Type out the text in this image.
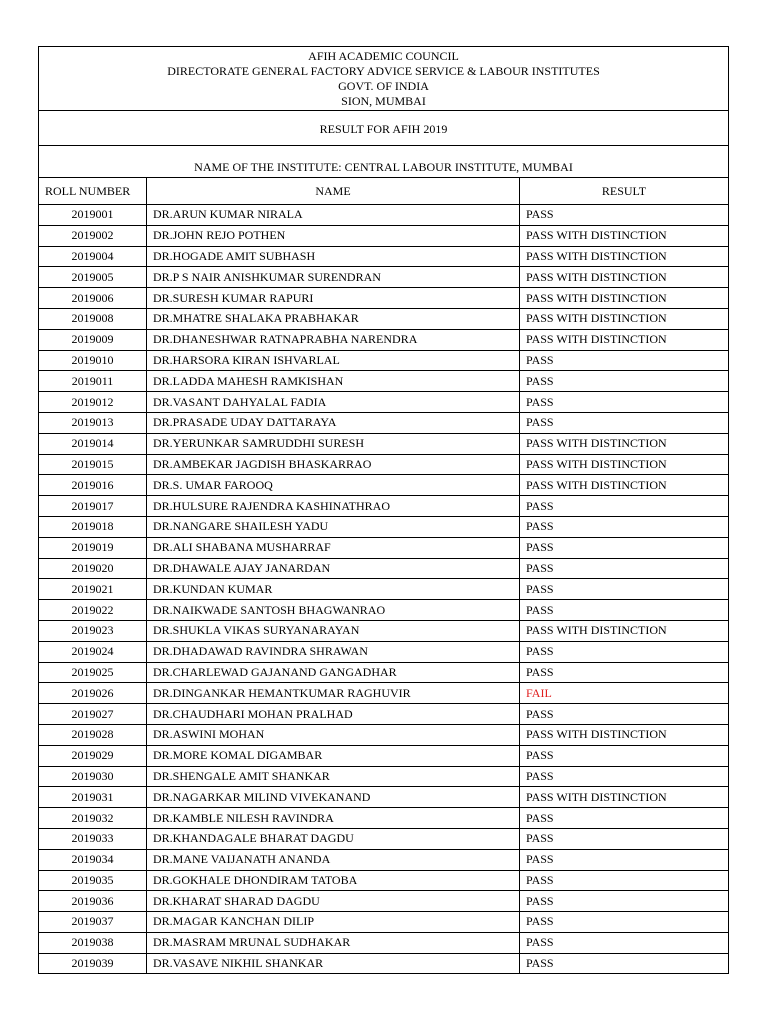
AFIH ACADEMIC COUNCIL
DIRECTORATE GENERAL FACTORY ADVICE SERVICE & LABOUR INSTITUTES
GOVT. OF INDIA
SION, MUMBAI		

RESULT FOR AFIH 2019		
NAME OF THE INSTITUTE: CENTRAL LABOUR INSTITUTE, MUMBAI		
ROLL NUMBER	NAME	RESULT
2019001	DR.ARUN KUMAR NIRALA	PASS
2019002	DR.JOHN REJO POTHEN	PASS WITH DISTINCTION
2019004	DR.HOGADE AMIT SUBHASH	PASS WITH DISTINCTION
2019005	DR.P S NAIR ANISHKUMAR SURENDRAN	PASS WITH DISTINCTION
2019006	DR.SURESH KUMAR RAPURI	PASS WITH DISTINCTION
2019008	DR.MHATRE SHALAKA PRABHAKAR	PASS WITH DISTINCTION
2019009	DR.DHANESHWAR RATNAPRABHA NARENDRA	PASS WITH DISTINCTION
2019010	DR.HARSORA KIRAN ISHVARLAL	PASS
2019011	DR.LADDA MAHESH RAMKISHAN	PASS
2019012	DR.VASANT DAHYALAL FADIA	PASS
2019013	DR.PRASADE UDAY DATTARAYA	PASS
2019014	DR.YERUNKAR SAMRUDDHI SURESH	PASS WITH DISTINCTION
2019015	DR.AMBEKAR JAGDISH BHASKARRAO	PASS WITH DISTINCTION
2019016	DR.S. UMAR FAROOQ	PASS WITH DISTINCTION
2019017	DR.HULSURE RAJENDRA KASHINATHRAO	PASS
2019018	DR.NANGARE SHAILESH YADU	PASS
2019019	DR.ALI SHABANA MUSHARRAF	PASS
2019020	DR.DHAWALE AJAY JANARDAN	PASS
2019021	DR.KUNDAN KUMAR	PASS
2019022	DR.NAIKWADE SANTOSH BHAGWANRAO	PASS
2019023	DR.SHUKLA VIKAS SURYANARAYAN	PASS WITH DISTINCTION
2019024	DR.DHADAWAD RAVINDRA SHRAWAN	PASS
2019025	DR.CHARLEWAD GAJANAND GANGADHAR	PASS
2019026	DR.DINGANKAR HEMANTKUMAR RAGHUVIR	FAIL
2019027	DR.CHAUDHARI MOHAN PRALHAD	PASS
2019028	DR.ASWINI MOHAN	PASS WITH DISTINCTION
2019029	DR.MORE KOMAL DIGAMBAR	PASS
2019030	DR.SHENGALE AMIT SHANKAR	PASS
2019031	DR.NAGARKAR MILIND VIVEKANAND	PASS WITH DISTINCTION
2019032	DR.KAMBLE NILESH RAVINDRA	PASS
2019033	DR.KHANDAGALE BHARAT DAGDU	PASS
2019034	DR.MANE VAIJANATH ANANDA	PASS
2019035	DR.GOKHALE DHONDIRAM TATOBA	PASS
2019036	DR.KHARAT SHARAD DAGDU	PASS
2019037	DR.MAGAR KANCHAN DILIP	PASS
2019038	DR.MASRAM MRUNAL SUDHAKAR	PASS
2019039	DR.VASAVE NIKHIL SHANKAR	PASS
